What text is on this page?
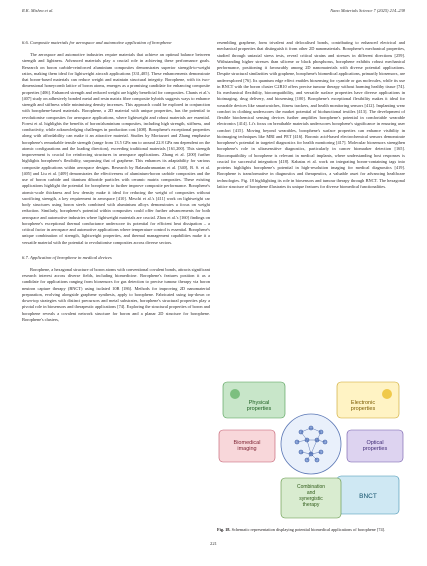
R.K. Mishra et al.	Nano Materials Science 7 (2025) 214–238
6.6. Composite materials for aerospace and automotive application of borophene

The aerospace and automotive industries require materials that achieve an optimal balance between strength and lightness. Advanced materials play a crucial role in achieving these performance goals. Research on boron carbide-reinforced aluminium composites demonstrates superior strength-to-weight ratios, making them ideal for lightweight aircraft applications [331,405]. These enhancements demonstrate that boron-based materials can reduce weight and maintain structural integrity. Borophene, with its two-dimensional honeycomb lattice of boron atoms, emerges as a promising candidate for enhancing composite properties [406]. Enhanced strength and reduced weight are highly beneficial for composites. Chanis et al.'s [407] study on adhesively bonded metal and resin matrix fibre composite hybrids suggests ways to enhance strength and stiffness while minimising density increases. This approach could be explored in conjunction with borophene-based materials. Borophene, a 2D material with unique properties, has the potential to revolutionise composites for aerospace applications, where lightweight and robust materials are essential. Forest et al. highlights the benefits of boron/aluminium composites, including high strength, stiffness, and conductivity, while acknowledging challenges in production cost [408]. Borophene's exceptional properties along with affordability can make it an attractive material. Studies by Mortazavi and Zhang emphasise borophene's remarkable tensile strength (range from 13.5 GPa nm to around 22.8 GPa nm dependent on the atomic configurations and the loading direction), exceeding traditional materials [161,200]. This strength improvement is crucial for reinforcing structures in aerospace applications. Zhang et al. [200] further highlights borophene's flexibility, surpassing that of graphene. This enhances its adaptability for various composite applications within aerospace designs. Research by Balasubramanian et al. [340], B. S. et al. [405] and Liu et al. [409] demonstrates the effectiveness of aluminium-boron carbide composites and the use of boron carbide and titanium diboride particles with ceramic matrix composites. These existing applications highlight the potential for borophene to further improve composite performance. Borophene's atomic-scale thickness and low density make it ideal for reducing the weight of composites without sacrificing strength, a key requirement in aerospace [410]. Meschi et al.'s [411] work on lightweight car body structures using boron steels combined with aluminium alloys demonstrates a focus on weight reduction. Similarly, borophene's potential within composites could offer further advancements for both aerospace and automotive industries where lightweight materials are crucial. Zhou et al.'s [160] findings on borophene's exceptional thermal conductance underscore its potential for efficient heat dissipation – a critical factor in aerospace and automotive applications where temperature control is essential. Borophene's unique combination of strength, lightweight properties, and thermal management capabilities make it a versatile material with the potential to revolutionise composites across diverse sectors.

6.7. Application of borophene in medical devices

Borophene, a hexagonal structure of boron atoms with conventional covalent bonds, attracts significant research interest across diverse fields, including biomedicine. Borophene's features position it as a candidate for applications ranging from biosensors for gas detection to precise tumour therapy via boron neutron capture therapy (BNCT) using isolated 10B [186]. Methods for improving 2D nanomaterial preparation, evolving alongside graphene synthesis, apply to borophene. Fabricated using top-down or down-top strategies with distinct precursors and metal substrates, borophene's structural properties play a pivotal role in biosensors and therapeutic applications [74]. Exploring the structural properties of boron and borophene reveals a covalent network structure for boron and a planar 2D structure for borophene. Borophene's clusters,

resembling graphene, form trivalent and delocalised bonds, contributing to enhanced electrical and mechanical properties that distinguish it from other 2D nanomaterials. Borophene's mechanical properties, studied through uniaxial stress tests, reveal critical strains and stresses in different directions [259]. Withstanding higher stresses than silicene or black phosphorus, borophene exhibits robust mechanical performance, positioning it favourably among 2D nanomaterials with diverse potential applications. Despite structural similarities with graphene, borophene's biomedical applications, primarily biosensors, are underexplored [76]. Its quantum edge effect enables biosensing for cyanide or gas molecules, while its use in BNCT with the boron cluster C2B10 offers precise tumour therapy without harming healthy tissue [74]. Its mechanical flexibility, biocompatibility, and versatile surface properties have diverse applications in bioimaging, drug delivery, and biosensing [100]. Borophene's exceptional flexibility makes it ideal for wearable devices like smartwatches, fitness trackers, and health monitoring sensors [412]. Implanting wear comfort in clothing underscores the market potential of biofunctional textiles [413]. The development of flexible biochemical sensing devices further amplifies borophene's potential in comfortable wearable electronics [414]. Li's focus on breathable materials underscores borophene's significance in ensuring user comfort [415]. Moving beyond wearables, borophene's surface properties can enhance visibility in bioimaging techniques like MRI and PET [416]. Boronic acid-based electrochemical sensors demonstrate borophene's potential in targeted diagnostics for health monitoring [417]. Molecular biosensors strengthen borophene's role in ultrasensitive diagnostics, particularly in cancer biomarker detection [165]. Biocompatibility of borophene is relevant in medical implants, where understanding host responses is crucial for successful integration [418]. Kabatas et al. work on integrating boron-containing tags into proteins highlights borophene's potential in high-resolution imaging for medical diagnostics [419]. Borophene is transformative in diagnostics and therapeutics, a valuable asset for advancing healthcare technologies. Fig. 18 highlighting its role in biosensors and tumour therapy through BNCT. The hexagonal lattice structure of borophene illustrates its unique features for diverse biomedical functionalities.

Physical properties
Electronic properties
Biomedical imaging
Optical properties
BNCT
Combination and synergistic therapy
Fig. 18. Schematic representation displaying potential biomedical applications of borophene [74].
221
